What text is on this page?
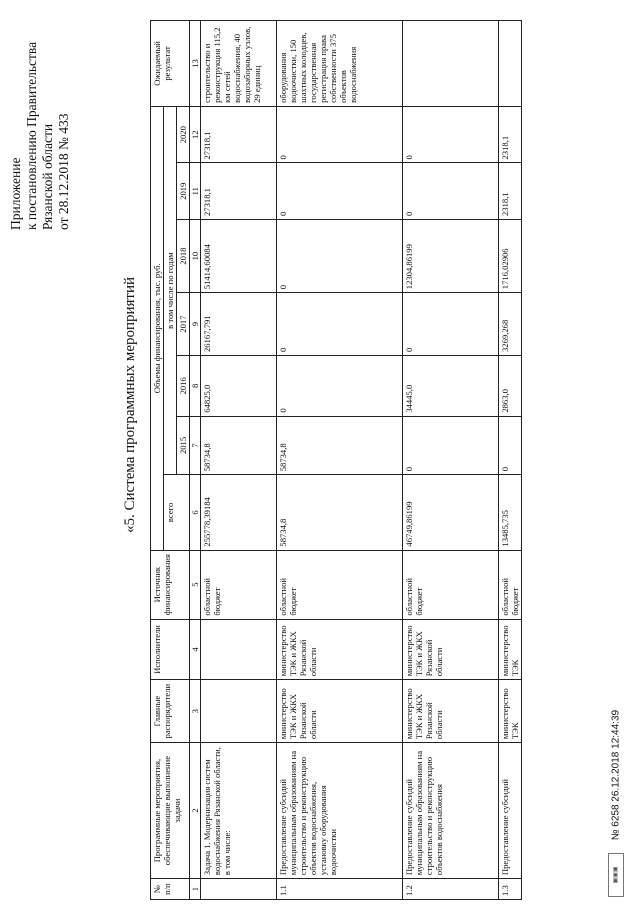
Приложение к постановлению Правительства Рязанской области от 28.12.2018 № 433
«5. Система программных мероприятий
№ п/п	Программные мероприятия, обеспечивающие выполнение задачи	Главные распорядители	Исполнители	Источник финансирования	Объемы финансирования, тыс. руб.							Ожидаемый результат
					всего	в том числе по годам						
						2015	2016	2017	2018	2019	2020	
1	2	3	4	5	6	7	8	9	10	11	12	13
	Задача 1. Модернизация систем водоснабжения Рязанской области, в том числе:			областной бюджет	255778,39184	58734,8	64825,0	26167,791	51414,60084	27318,1	27318,1	строительство и реконструкция 115,2 км сетей водоснабжения, 40 водозаборных узлов, 29 единиц
1.1	Предоставление субсидий муниципальным образованиям на строительство и реконструкцию объектов водоснабжения, установку оборудования водоочистки	министерство ТЭК и ЖКХ Рязанской области	министерство ТЭК и ЖКХ Рязанской области	областной бюджет	58734,8	58734,8	0	0	0	0	0	оборудования водоочистки, 150 шахтных колодцев, государственная регистрация права собственности 375 объектов водоснабжения
1.2	Предоставление субсидий муниципальным образованиям на строительство и реконструкцию объектов водоснабжения	министерство ТЭК и ЖКХ Рязанской области	министерство ТЭК и ЖКХ Рязанской области	областной бюджет	46749,86199	0	34445,0	0	12304,86199	0	0	
1.3	Предоставление субсидий	министерство ТЭК	министерство ТЭК	областной бюджет	13485,735	0	2863,0	3269,268	1716,02906	2318,1	2318,1	
▣▣▣ № 6258 26.12.2018 12:44:39
